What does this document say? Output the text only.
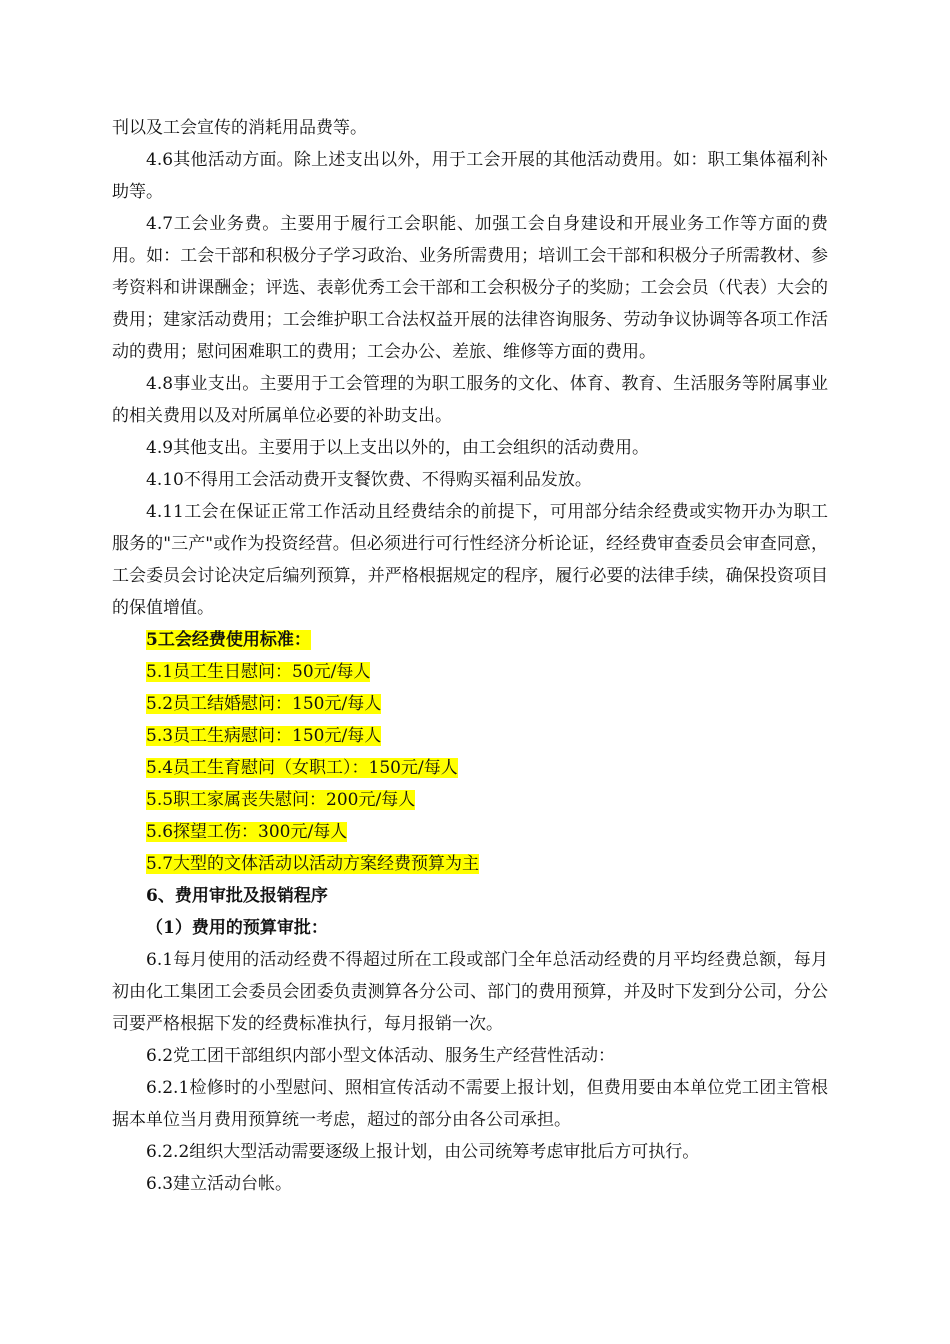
刊以及工会宣传的消耗用品费等。
4.6其他活动方面。除上述支出以外，用于工会开展的其他活动费用。如：职工集体福利补助等。
4.7工会业务费。主要用于履行工会职能、加强工会自身建设和开展业务工作等方面的费用。如：工会干部和积极分子学习政治、业务所需费用；培训工会干部和积极分子所需教材、参考资料和讲课酬金；评选、表彰优秀工会干部和工会积极分子的奖励；工会会员（代表）大会的费用；建家活动费用；工会维护职工合法权益开展的法律咨询服务、劳动争议协调等各项工作活动的费用；慰问困难职工的费用；工会办公、差旅、维修等方面的费用。
4.8事业支出。主要用于工会管理的为职工服务的文化、体育、教育、生活服务等附属事业的相关费用以及对所属单位必要的补助支出。
4.9其他支出。主要用于以上支出以外的，由工会组织的活动费用。
4.10不得用工会活动费开支餐饮费、不得购买福利品发放。
4.11工会在保证正常工作活动且经费结余的前提下，可用部分结余经费或实物开办为职工服务的"三产"或作为投资经营。但必须进行可行性经济分析论证，经经费审查委员会审查同意，工会委员会讨论决定后编列预算，并严格根据规定的程序，履行必要的法律手续，确保投资项目的保值增值。
5工会经费使用标准：
5.1员工生日慰问：50元/每人
5.2员工结婚慰问：150元/每人
5.3员工生病慰问：150元/每人
5.4员工生育慰问（女职工）：150元/每人
5.5职工家属丧失慰问：200元/每人
5.6探望工伤：300元/每人
5.7大型的文体活动以活动方案经费预算为主
6、费用审批及报销程序
（1）费用的预算审批：
6.1每月使用的活动经费不得超过所在工段或部门全年总活动经费的月平均经费总额，每月初由化工集团工会委员会团委负责测算各分公司、部门的费用预算，并及时下发到分公司，分公司要严格根据下发的经费标准执行，每月报销一次。
6.2党工团干部组织内部小型文体活动、服务生产经营性活动：
6.2.1检修时的小型慰问、照相宣传活动不需要上报计划，但费用要由本单位党工团主管根据本单位当月费用预算统一考虑，超过的部分由各公司承担。
6.2.2组织大型活动需要逐级上报计划，由公司统筹考虑审批后方可执行。
6.3建立活动台帐。
